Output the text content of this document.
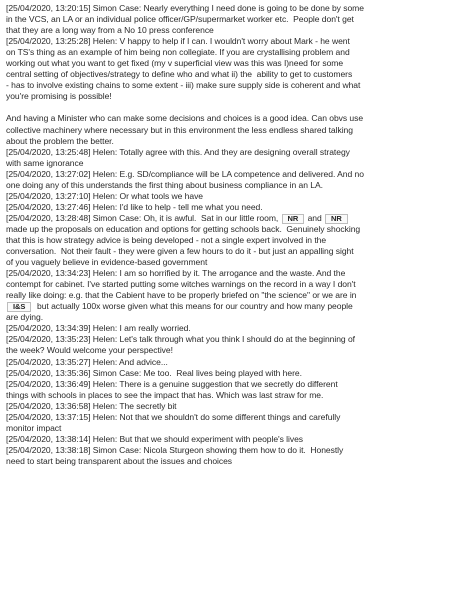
[25/04/2020, 13:20:15] Simon Case: Nearly everything I need done is going to be done by some
in the VCS, an LA or an individual police officer/GP/supermarket worker etc.  People don't get
that they are a long way from a No 10 press conference
[25/04/2020, 13:25:28] Helen: V happy to help if I can. I wouldn't worry about Mark - he went
on TS's thing as an example of him being non collegiate. If you are crystallising problem and
working out what you want to get fixed (my v superficial view was this was I)need for some
central setting of objectives/strategy to define who and what ii) the  ability to get to customers
- has to involve existing chains to some extent - iii) make sure supply side is coherent and what
you're promising is possible!
And having a Minister who can make some decisions and choices is a good idea. Can obvs use
collective machinery where necessary but in this environment the less endless shared talking
about the problem the better.
[25/04/2020, 13:25:48] Helen: Totally agree with this. And they are designing overall strategy
with same ignorance
[25/04/2020, 13:27:02] Helen: E.g. SD/compliance will be LA competence and delivered. And no
one doing any of this understands the first thing about business compliance in an LA.
[25/04/2020, 13:27:10] Helen: Or what tools we have
[25/04/2020, 13:27:46] Helen: I'd like to help - tell me what you need.
[25/04/2020, 13:28:48] Simon Case: Oh, it is awful.  Sat in our little room, NR and NR
made up the proposals on education and options for getting schools back.  Genuinely shocking
that this is how strategy advice is being developed - not a single expert involved in the
conversation.  Not their fault - they were given a few hours to do it - but just an appalling sight
of you vaguely believe in evidence-based government
[25/04/2020, 13:34:23] Helen: I am so horrified by it. The arrogance and the waste. And the
contempt for cabinet. I've started putting some witches warnings on the record in a way I don't
really like doing: e.g. that the Cabient have to be properly briefed on "the science" or we are in
I&S  but actually 100x worse given what this means for our country and how many people
are dying.
[25/04/2020, 13:34:39] Helen: I am really worried.
[25/04/2020, 13:35:23] Helen: Let's talk through what you think I should do at the beginning of
the week? Would welcome your perspective!
[25/04/2020, 13:35:27] Helen: And advice...
[25/04/2020, 13:35:36] Simon Case: Me too.  Real lives being played with here.
[25/04/2020, 13:36:49] Helen: There is a genuine suggestion that we secretly do different
things with schools in places to see the impact that has. Which was last straw for me.
[25/04/2020, 13:36:58] Helen: The secretly bit
[25/04/2020, 13:37:15] Helen: Not that we shouldn't do some different things and carefully
monitor impact
[25/04/2020, 13:38:14] Helen: But that we should experiment with people's lives
[25/04/2020, 13:38:18] Simon Case: Nicola Sturgeon showing them how to do it.  Honestly
need to start being transparent about the issues and choices
